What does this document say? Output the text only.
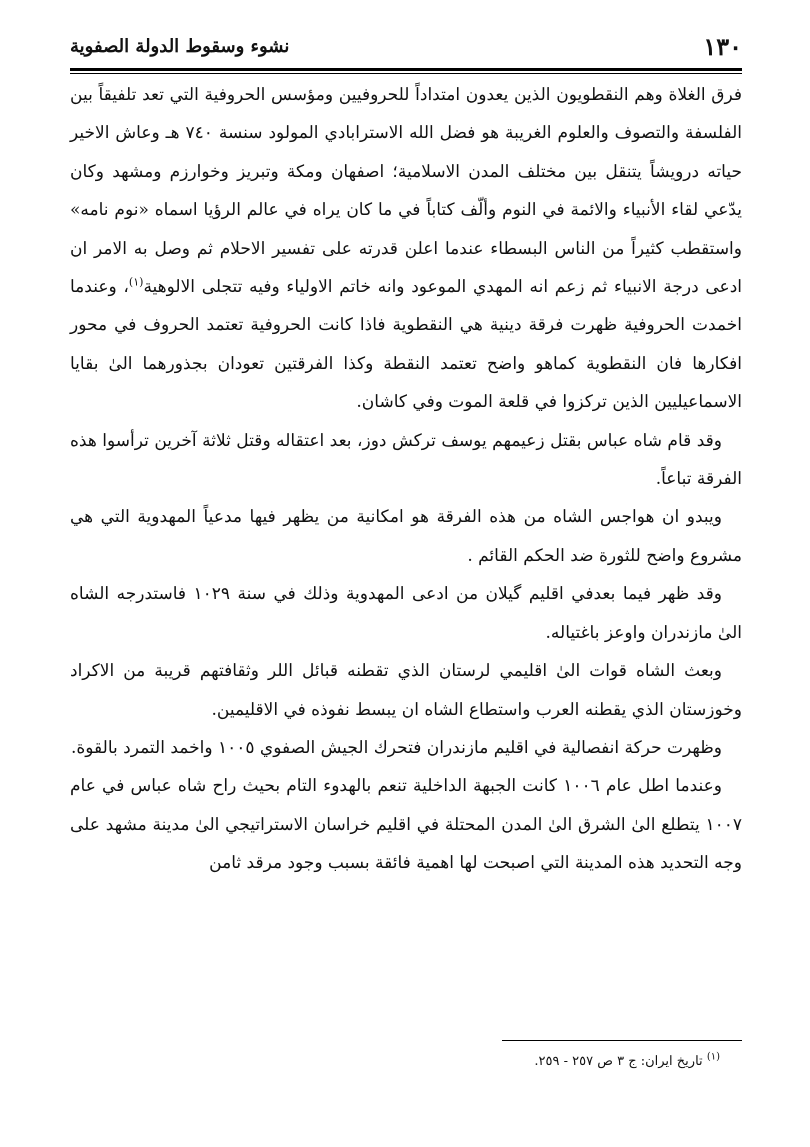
١٣٠
نشوء وسقوط الدولة الصفوية

فرق الغلاة وهم النقطويون الذين يعدون امتداداً للحروفيين ومؤسس الحروفية التي تعد تلفيقاً بين الفلسفة والتصوف والعلوم الغريبة هو فضل الله الاسترابادي المولود سنسة ٧٤٠ هـ وعاش الاخير حياته درويشاً يتنقل بين مختلف المدن الاسلامية؛ اصفهان ومكة وتبريز وخوارزم ومشهد وكان يدّعي لقاء الأنبياء والائمة في النوم وألّف كتاباً في ما كان يراه في عالم الرؤيا اسماه «نوم نامه» واستقطب كثيراً من الناس البسطاء عندما اعلن قدرته على تفسير الاحلام ثم وصل به الامر ان ادعى درجة الانبياء ثم زعم انه المهدي الموعود وانه خاتم الاولياء وفيه تتجلى الالوهية$^{(١)}$، وعندما اخمدت الحروفية ظهرت فرقة دينية هي النقطوية فاذا كانت الحروفية تعتمد الحروف في محور افكارها فان النقطوية كماهو واضح تعتمد النقطة وكذا الفرقتين تعودان بجذورهما الىٰ بقايا الاسماعيليين الذين تركزوا في قلعة الموت وفي كاشان.

وقد قام شاه عباس بقتل زعيمهم يوسف تركش دوز، بعد اعتقاله وقتل ثلاثة آخرين ترأسوا هذه الفرقة تباعاً.

ويبدو ان هواجس الشاه من هذه الفرقة هو امكانية من يظهر فيها مدعياً المهدوية التي هي مشروع واضح للثورة ضد الحكم القائم .

وقد ظهر فيما بعدفي اقليم گيلان من ادعى المهدوية وذلك في سنة ١٠٢٩ فاستدرجه الشاه الىٰ مازندران واوعز باغتياله.

وبعث الشاه قوات الىٰ اقليمي لرستان الذي تقطنه قبائل اللر وثقافتهم قريبة من الاكراد وخوزستان الذي يقطنه العرب واستطاع الشاه ان يبسط نفوذه في الاقليمين.

وظهرت حركة انفصالية في اقليم مازندران فتحرك الجيش الصفوي ١٠٠٥ واخمد التمرد بالقوة.

وعندما اطل عام ١٠٠٦ كانت الجبهة الداخلية تنعم بالهدوء التام بحيث راح شاه عباس في عام ١٠٠٧ يتطلع الىٰ الشرق الىٰ المدن المحتلة في اقليم خراسان الاستراتيجي الىٰ مدينة مشهد على وجه التحديد هذه المدينة التي اصبحت لها اهمية فائقة بسبب وجود مرقد ثامن

$^{(١)}$ تاريخ ايران: ج ٣ ص ٢٥٧ - ٢٥٩.
